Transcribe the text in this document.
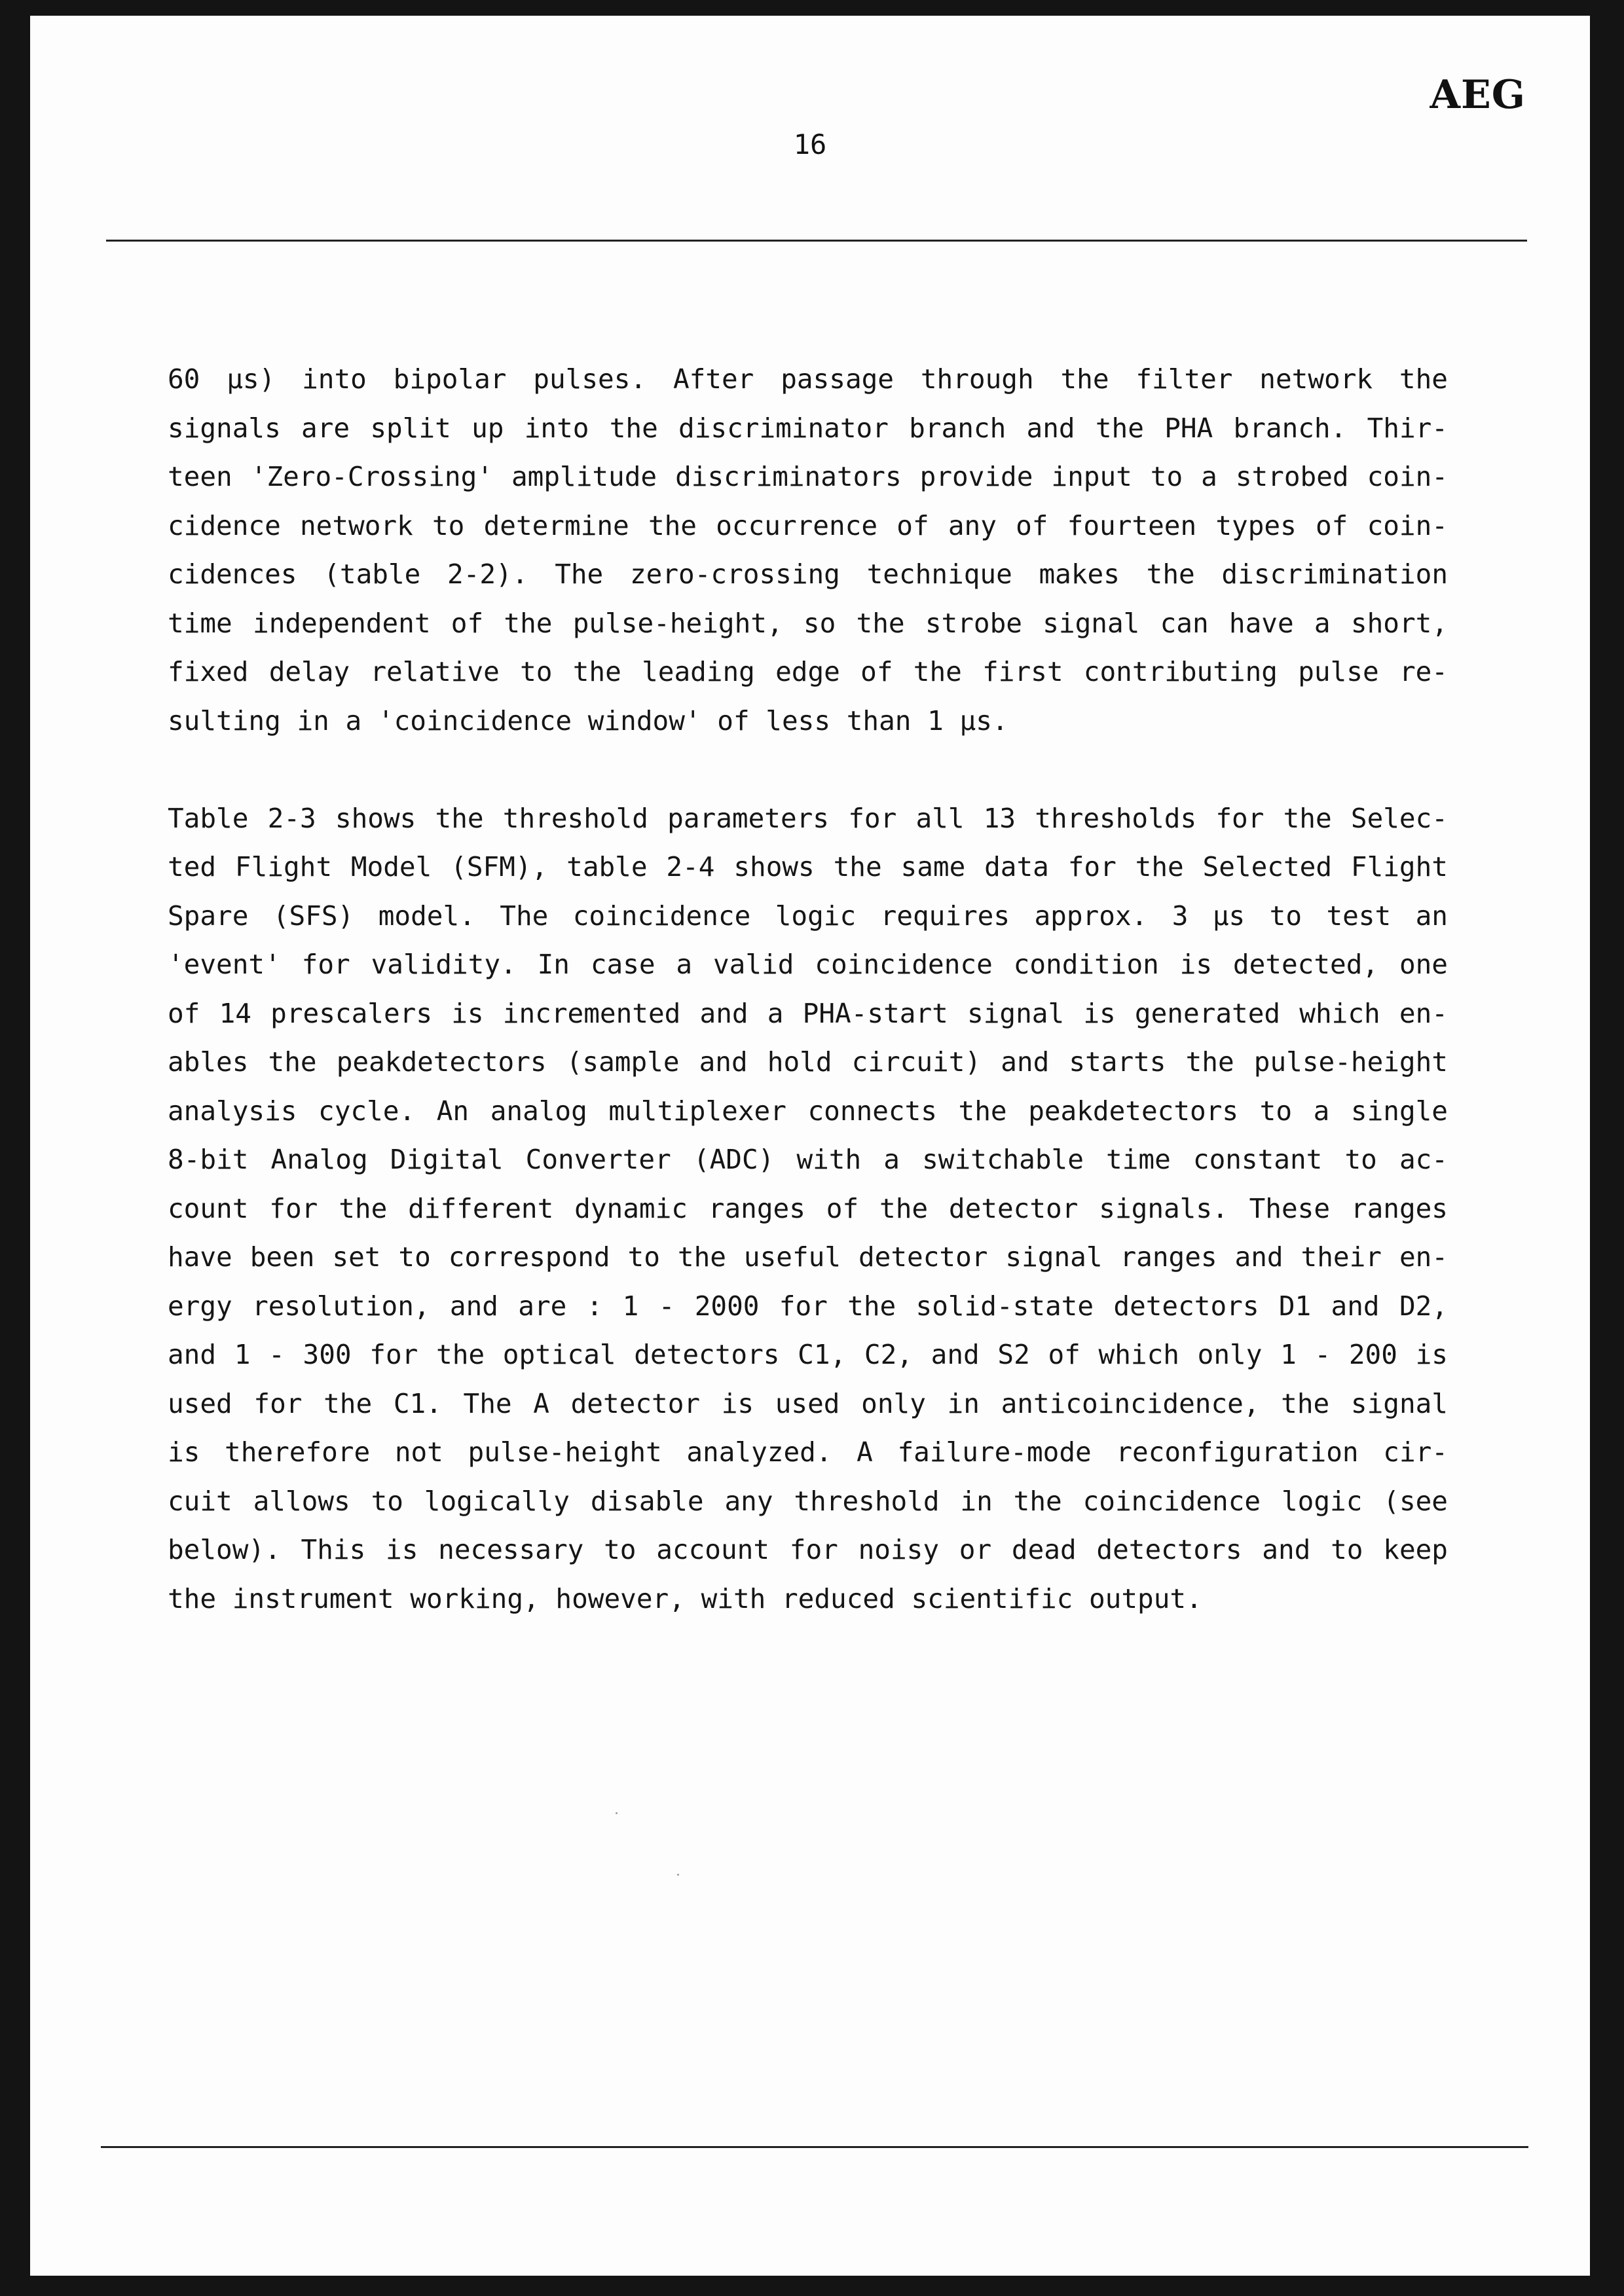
AEG
16
60 µs) into bipolar pulses. After passage through the filter network the
signals are split up into the discriminator branch and the PHA branch. Thir-
teen 'Zero-Crossing' amplitude discriminators provide input to a strobed coin-
cidence network to determine the occurrence of any of fourteen types of coin-
cidences (table 2-2). The zero-crossing technique makes the discrimination
time independent of the pulse-height, so the strobe signal can have a short,
fixed delay relative to the leading edge of the first contributing pulse re-
sulting in a 'coincidence window' of less than 1 µs.
Table 2-3 shows the threshold parameters for all 13 thresholds for the Selec-
ted Flight Model (SFM), table 2-4 shows the same data for the Selected Flight
Spare (SFS) model. The coincidence logic requires approx. 3 µs to test an
'event' for validity. In case a valid coincidence condition is detected, one
of 14 prescalers is incremented and a PHA-start signal is generated which en-
ables the peakdetectors (sample and hold circuit) and starts the pulse-height
analysis cycle. An analog multiplexer connects the peakdetectors to a single
8-bit Analog Digital Converter (ADC) with a switchable time constant to ac-
count for the different dynamic ranges of the detector signals. These ranges
have been set to correspond to the useful detector signal ranges and their en-
ergy resolution, and are : 1 - 2000 for the solid-state detectors D1 and D2,
and 1 - 300 for the optical detectors C1, C2, and S2 of which only 1 - 200 is
used for the C1. The A detector is used only in anticoincidence, the signal
is therefore not pulse-height analyzed. A failure-mode reconfiguration cir-
cuit allows to logically disable any threshold in the coincidence logic (see
below). This is necessary to account for noisy or dead detectors and to keep
the instrument working, however, with reduced scientific output.
